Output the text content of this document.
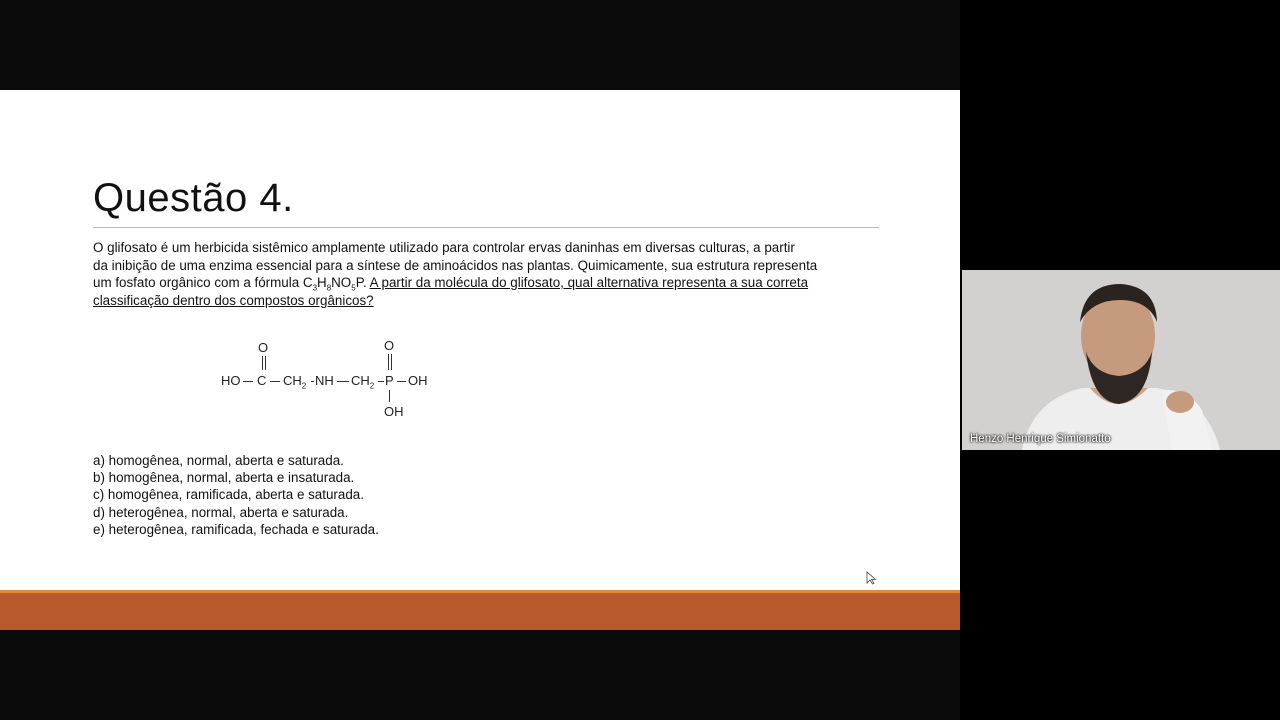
Questão 4.
O glifosato é um herbicida sistêmico amplamente utilizado para controlar ervas daninhas em diversas culturas, a partir
da inibição de uma enzima essencial para a síntese de aminoácidos nas plantas. Quimicamente, sua estrutura representa
um fosfato orgânico com a fórmula $C_3H_8NO_5P$. A partir da molécula do glifosato, qual alternativa representa a sua correta
classificação dentro dos compostos orgânicos?
O
HO C $CH_2$ NH $CH_2$ P OH
O
OH
a) homogênea, normal, aberta e saturada.
b) homogênea, normal, aberta e insaturada.
c) homogênea, ramificada, aberta e saturada.
d) heterogênea, normal, aberta e saturada.
e) heterogênea, ramificada, fechada e saturada.
Henzo Henrique Simionatto
